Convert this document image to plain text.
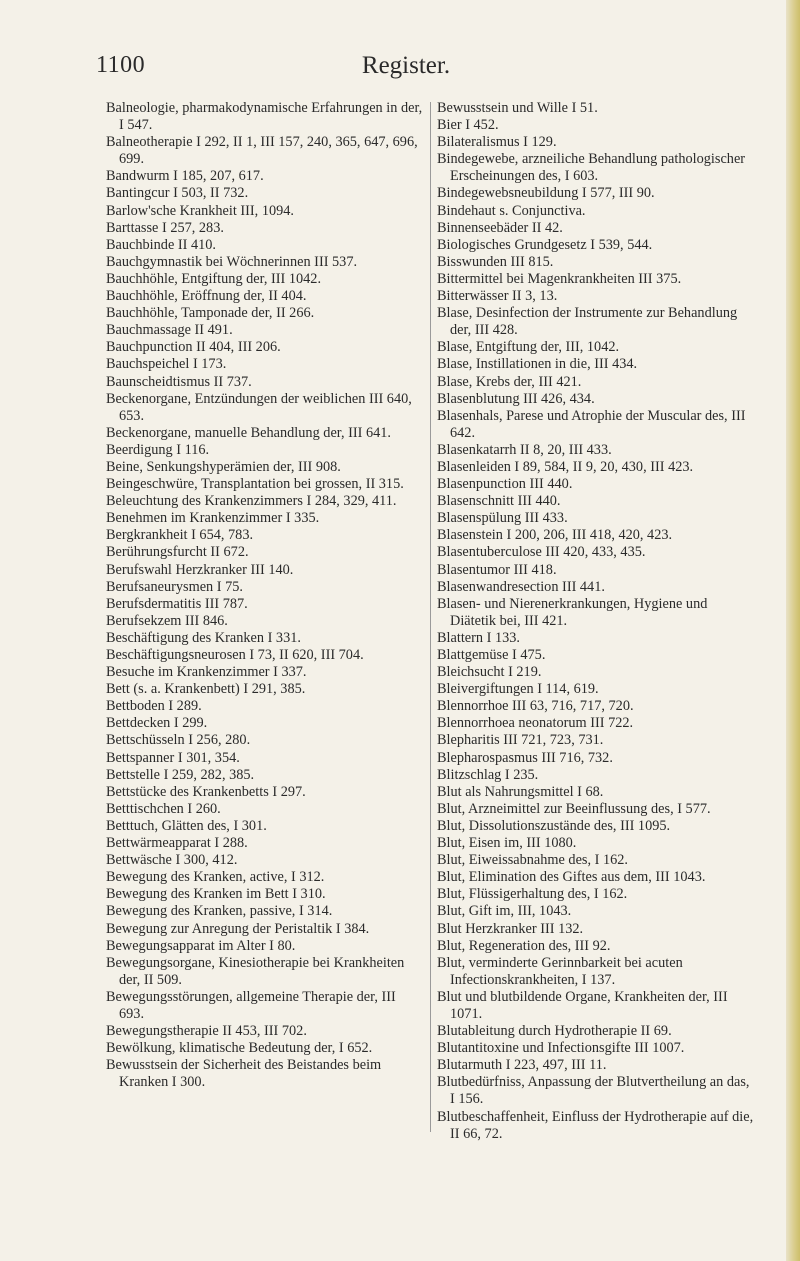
1100	Register.

Balneologie, pharmakodynamische Erfahrungen in der, I 547.

Balneotherapie I 292, II 1, III 157, 240, 365, 647, 696, 699.

Bandwurm I 185, 207, 617.

Bantingcur I 503, II 732.

Barlow'sche Krankheit III, 1094.

Barttasse I 257, 283.

Bauchbinde II 410.

Bauchgymnastik bei Wöchnerinnen III 537.

Bauchhöhle, Entgiftung der, III 1042.

Bauchhöhle, Eröffnung der, II 404.

Bauchhöhle, Tamponade der, II 266.

Bauchmassage II 491.

Bauchpunction II 404, III 206.

Bauchspeichel I 173.

Baunscheidtismus II 737.

Beckenorgane, Entzündungen der weiblichen III 640, 653.

Beckenorgane, manuelle Behandlung der, III 641.

Beerdigung I 116.

Beine, Senkungshyperämien der, III 908.

Beingeschwüre, Transplantation bei grossen, II 315.

Beleuchtung des Krankenzimmers I 284, 329, 411.

Benehmen im Krankenzimmer I 335.

Bergkrankheit I 654, 783.

Berührungsfurcht II 672.

Berufswahl Herzkranker III 140.

Berufsaneurysmen I 75.

Berufsdermatitis III 787.

Berufsekzem III 846.

Beschäftigung des Kranken I 331.

Beschäftigungsneurosen I 73, II 620, III 704.

Besuche im Krankenzimmer I 337.

Bett (s. a. Krankenbett) I 291, 385.

Bettboden I 289.

Bettdecken I 299.

Bettschüsseln I 256, 280.

Bettspanner I 301, 354.

Bettstelle I 259, 282, 385.

Bettstücke des Krankenbetts I 297.

Betttischchen I 260.

Betttuch, Glätten des, I 301.

Bettwärmeapparat I 288.

Bettwäsche I 300, 412.

Bewegung des Kranken, active, I 312.

Bewegung des Kranken im Bett I 310.

Bewegung des Kranken, passive, I 314.

Bewegung zur Anregung der Peristaltik I 384.

Bewegungsapparat im Alter I 80.

Bewegungsorgane, Kinesiotherapie bei Krankheiten der, II 509.

Bewegungsstörungen, allgemeine Therapie der, III 693.

Bewegungstherapie II 453, III 702.

Bewölkung, klimatische Bedeutung der, I 652.

Bewusstsein der Sicherheit des Beistandes beim Kranken I 300.

Bewusstsein und Wille I 51.

Bier I 452.

Bilateralismus I 129.

Bindegewebe, arzneiliche Behandlung pathologischer Erscheinungen des, I 603.

Bindegewebsneubildung I 577, III 90.

Bindehaut s. Conjunctiva.

Binnenseebäder II 42.

Biologisches Grundgesetz I 539, 544.

Bisswunden III 815.

Bittermittel bei Magenkrankheiten III 375.

Bitterwässer II 3, 13.

Blase, Desinfection der Instrumente zur Behandlung der, III 428.

Blase, Entgiftung der, III, 1042.

Blase, Instillationen in die, III 434.

Blase, Krebs der, III 421.

Blasenblutung III 426, 434.

Blasenhals, Parese und Atrophie der Muscular des, III 642.

Blasenkatarrh II 8, 20, III 433.

Blasenleiden I 89, 584, II 9, 20, 430, III 423.

Blasenpunction III 440.

Blasenschnitt III 440.

Blasenspülung III 433.

Blasenstein I 200, 206, III 418, 420, 423.

Blasentuberculose III 420, 433, 435.

Blasentumor III 418.

Blasenwandresection III 441.

Blasen- und Nierenerkrankungen, Hygiene und Diätetik bei, III 421.

Blattern I 133.

Blattgemüse I 475.

Bleichsucht I 219.

Bleivergiftungen I 114, 619.

Blennorrhoe III 63, 716, 717, 720.

Blennorrhoea neonatorum III 722.

Blepharitis III 721, 723, 731.

Blepharospasmus III 716, 732.

Blitzschlag I 235.

Blut als Nahrungsmittel I 68.

Blut, Arzneimittel zur Beeinflussung des, I 577.

Blut, Dissolutionszustände des, III 1095.

Blut, Eisen im, III 1080.

Blut, Eiweissabnahme des, I 162.

Blut, Elimination des Giftes aus dem, III 1043.

Blut, Flüssigerhaltung des, I 162.

Blut, Gift im, III, 1043.

Blut Herzkranker III 132.

Blut, Regeneration des, III 92.

Blut, verminderte Gerinnbarkeit bei acuten Infectionskrankheiten, I 137.

Blut und blutbildende Organe, Krankheiten der, III 1071.

Blutableitung durch Hydrotherapie II 69.

Blutantitoxine und Infectionsgifte III 1007.

Blutarmuth I 223, 497, III 11.

Blutbedürfniss, Anpassung der Blutvertheilung an das, I 156.

Blutbeschaffenheit, Einfluss der Hydrotherapie auf die, II 66, 72.
